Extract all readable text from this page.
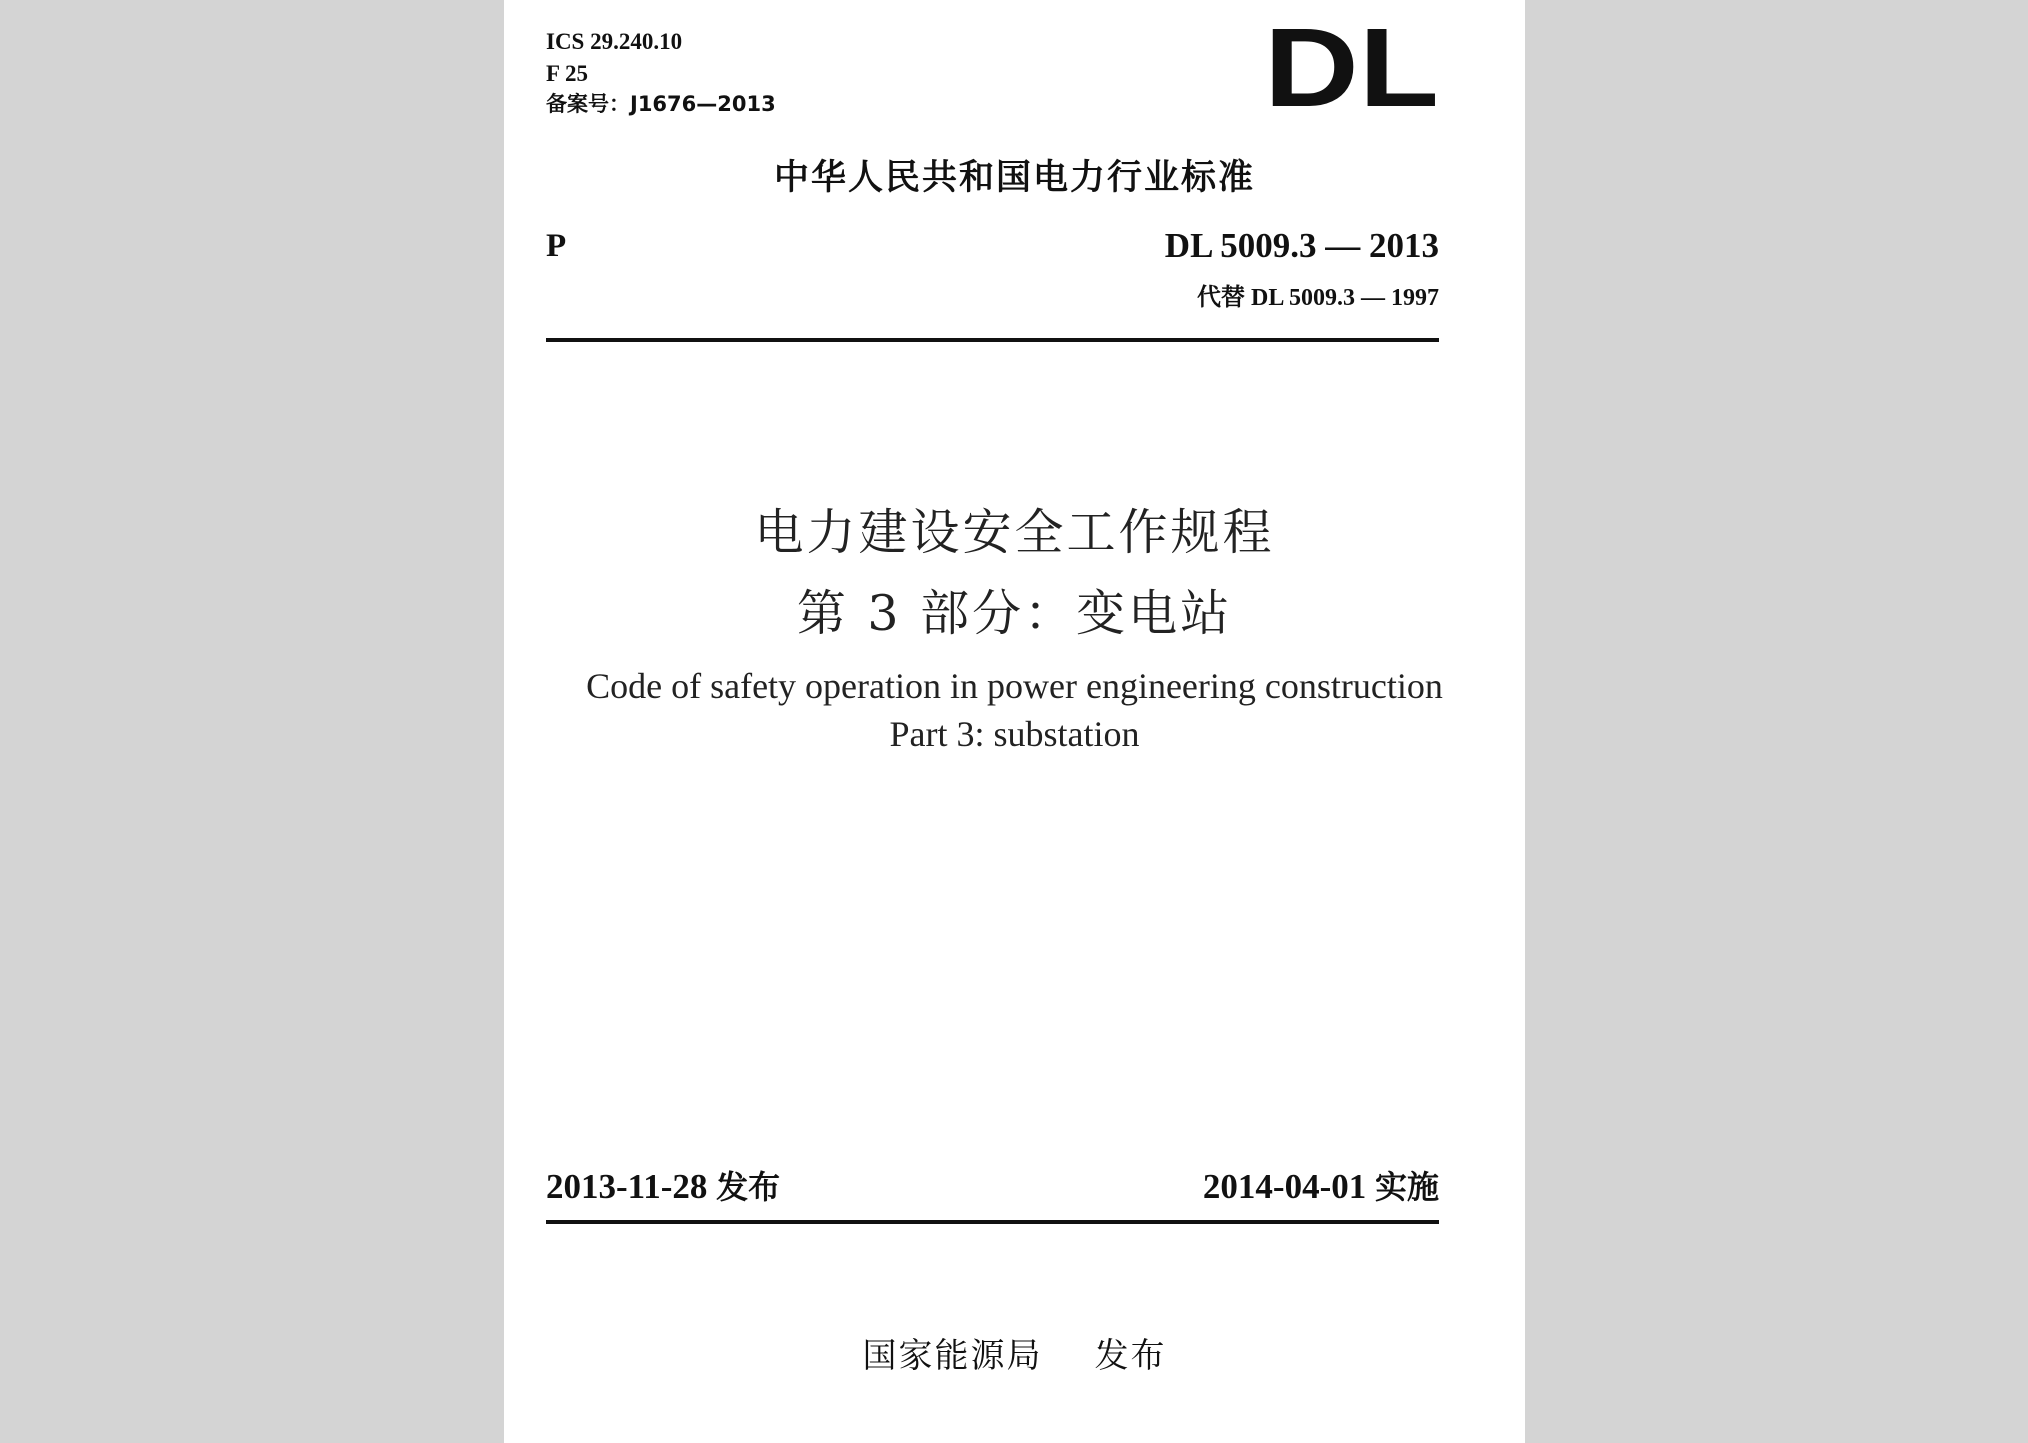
ICS 29.240.10
F 25
备案号：J1676—2013	DL
中华人民共和国电力行业标准
P	DL 5009.3 — 2013
代替 DL 5009.3 — 1997
电力建设安全工作规程
第 3 部分：变电站
Code of safety operation in power engineering construction
Part 3: substation
2013-11-28 发布	2014-04-01 实施
国家能源局 发布
